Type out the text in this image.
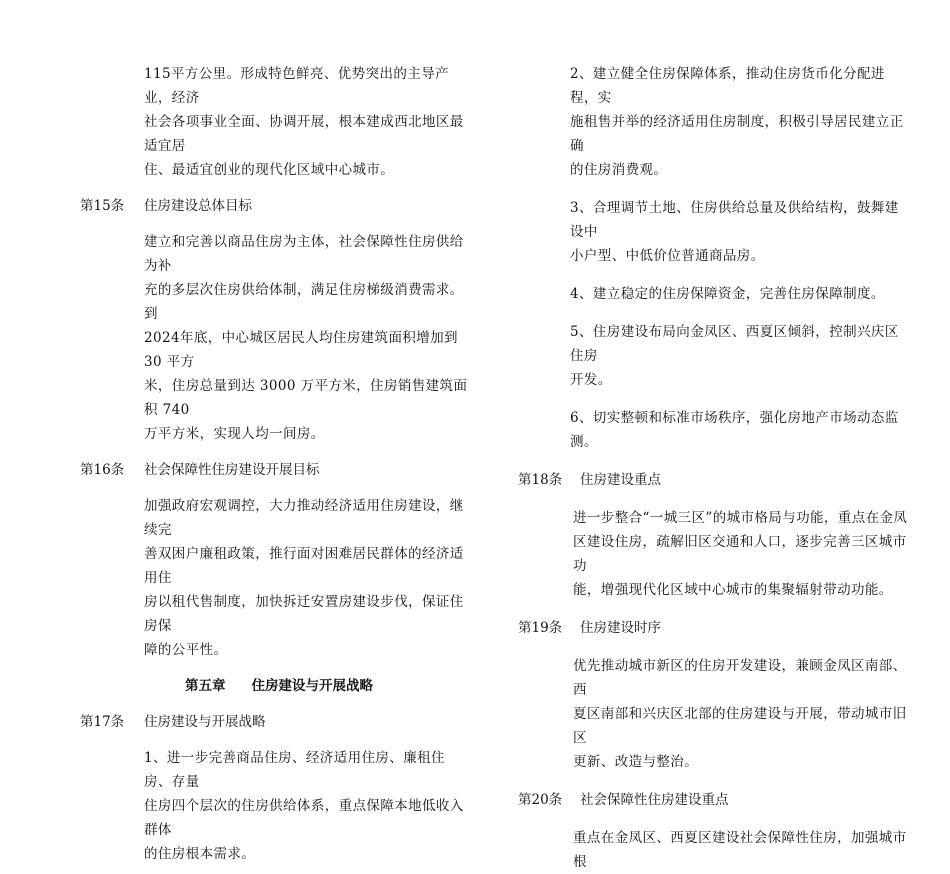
115平方公里。形成特色鲜亮、优势突出的主导产业，经济
社会各项事业全面、协调开展，根本建成西北地区最适宜居
住、最适宜创业的现代化区域中心城市。
第15条	住房建设总体目标
建立和完善以商品住房为主体，社会保障性住房供给为补
充的多层次住房供给体制，满足住房梯级消费需求。到
2024年底，中心城区居民人均住房建筑面积增加到 30 平方
米，住房总量到达 3000 万平方米，住房销售建筑面积 740
万平方米，实现人均一间房。
第16条	社会保障性住房建设开展目标
加强政府宏观调控，大力推动经济适用住房建设，继续完
善双困户廉租政策，推行面对困难居民群体的经济适用住
房以租代售制度，加快拆迁安置房建设步伐，保证住房保
障的公平性。
第五章 住房建设与开展战略
第17条	住房建设与开展战略
1、进一步完善商品住房、经济适用住房、廉租住房、存量
住房四个层次的住房供给体系，重点保障本地低收入群体
的住房根本需求。
2、建立健全住房保障体系，推动住房货币化分配进程，实
施租售并举的经济适用住房制度，积极引导居民建立正确
的住房消费观。
3、合理调节土地、住房供给总量及供给结构，鼓舞建设中
小户型、中低价位普通商品房。
4、建立稳定的住房保障资金，完善住房保障制度。
5、住房建设布局向金凤区、西夏区倾斜，控制兴庆区住房
开发。
6、切实整顿和标准市场秩序，强化房地产市场动态监测。
第18条	住房建设重点
进一步整合“一城三区”的城市格局与功能，重点在金凤
区建设住房，疏解旧区交通和人口，逐步完善三区城市功
能，增强现代化区域中心城市的集聚辐射带动功能。
第19条	住房建设时序
优先推动城市新区的住房开发建设，兼顾金凤区南部、西
夏区南部和兴庆区北部的住房建设与开展，带动城市旧区
更新、改造与整治。
第20条	社会保障性住房建设重点
重点在金凤区、西夏区建设社会保障性住房，加强城市根
